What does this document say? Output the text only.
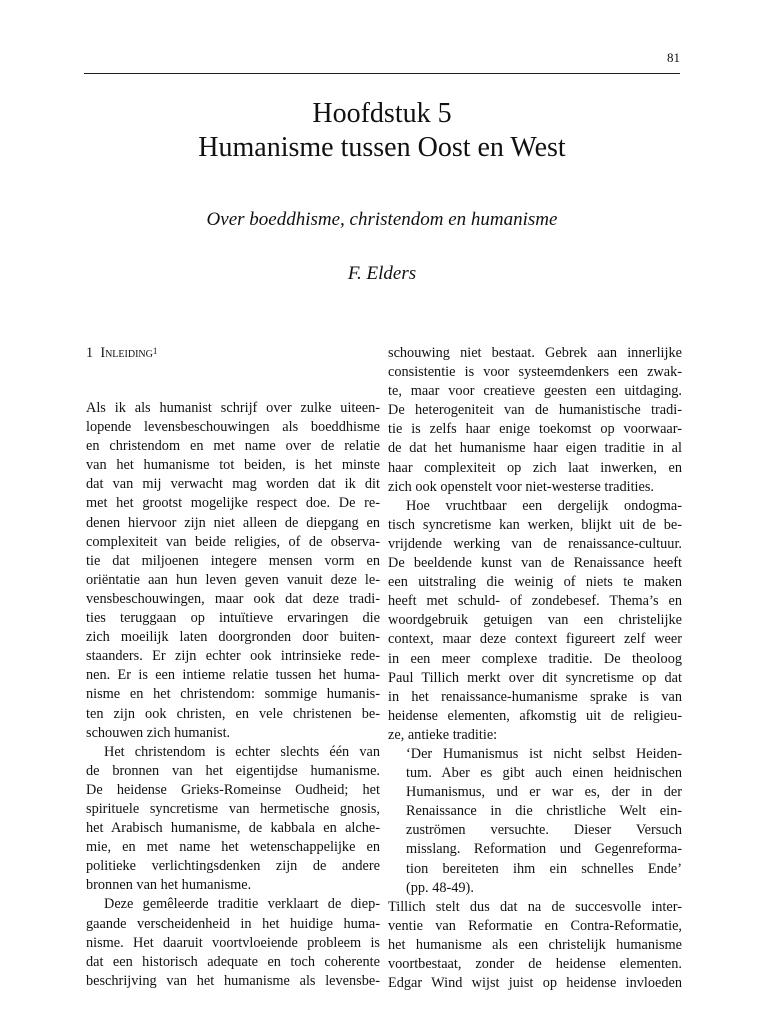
81
Hoofdstuk 5
Humanisme tussen Oost en West
Over boeddhisme, christendom en humanisme
F. Elders

1 Inleiding$^1$

Als ik als humanist schrijf over zulke uiteen-
lopende levensbeschouwingen als boeddhisme
en christendom en met name over de relatie
van het humanisme tot beiden, is het minste
dat van mij verwacht mag worden dat ik dit
met het grootst mogelijke respect doe. De re-
denen hiervoor zijn niet alleen de diepgang en
complexiteit van beide religies, of de observa-
tie dat miljoenen integere mensen vorm en
oriëntatie aan hun leven geven vanuit deze le-
vensbeschouwingen, maar ook dat deze tradi-
ties teruggaan op intuïtieve ervaringen die
zich moeilijk laten doorgronden door buiten-
staanders. Er zijn echter ook intrinsieke rede-
nen. Er is een intieme relatie tussen het huma-
nisme en het christendom: sommige humanis-
ten zijn ook christen, en vele christenen be-
schouwen zich humanist.
Het christendom is echter slechts één van
de bronnen van het eigentijdse humanisme.
De heidense Grieks-Romeinse Oudheid; het
spirituele syncretisme van hermetische gnosis,
het Arabisch humanisme, de kabbala en alche-
mie, en met name het wetenschappelijke en
politieke verlichtingsdenken zijn de andere
bronnen van het humanisme.
Deze gemêleerde traditie verklaart de diep-
gaande verscheidenheid in het huidige huma-
nisme. Het daaruit voortvloeiende probleem is
dat een historisch adequate en toch coherente
beschrijving van het humanisme als levensbe-
schouwing niet bestaat. Gebrek aan innerlijke
consistentie is voor systeemdenkers een zwak-
te, maar voor creatieve geesten een uitdaging.
De heterogeniteit van de humanistische tradi-
tie is zelfs haar enige toekomst op voorwaar-
de dat het humanisme haar eigen traditie in al
haar complexiteit op zich laat inwerken, en
zich ook openstelt voor niet-westerse tradities.
Hoe vruchtbaar een dergelijk ondogma-
tisch syncretisme kan werken, blijkt uit de be-
vrijdende werking van de renaissance-cultuur.
De beeldende kunst van de Renaissance heeft
een uitstraling die weinig of niets te maken
heeft met schuld- of zondebesef. Thema’s en
woordgebruik getuigen van een christelijke
context, maar deze context figureert zelf weer
in een meer complexe traditie. De theoloog
Paul Tillich merkt over dit syncretisme op dat
in het renaissance-humanisme sprake is van
heidense elementen, afkomstig uit de religieu-
ze, antieke traditie:
‘Der Humanismus ist nicht selbst Heiden-
tum. Aber es gibt auch einen heidnischen
Humanismus, und er war es, der in der
Renaissance in die christliche Welt ein-
zuströmen versuchte. Dieser Versuch
misslang. Reformation und Gegenreforma-
tion bereiteten ihm ein schnelles Ende’
(pp. 48-49).
Tillich stelt dus dat na de succesvolle inter-
ventie van Reformatie en Contra-Reformatie,
het humanisme als een christelijk humanisme
voortbestaat, zonder de heidense elementen.
Edgar Wind wijst juist op heidense invloeden
